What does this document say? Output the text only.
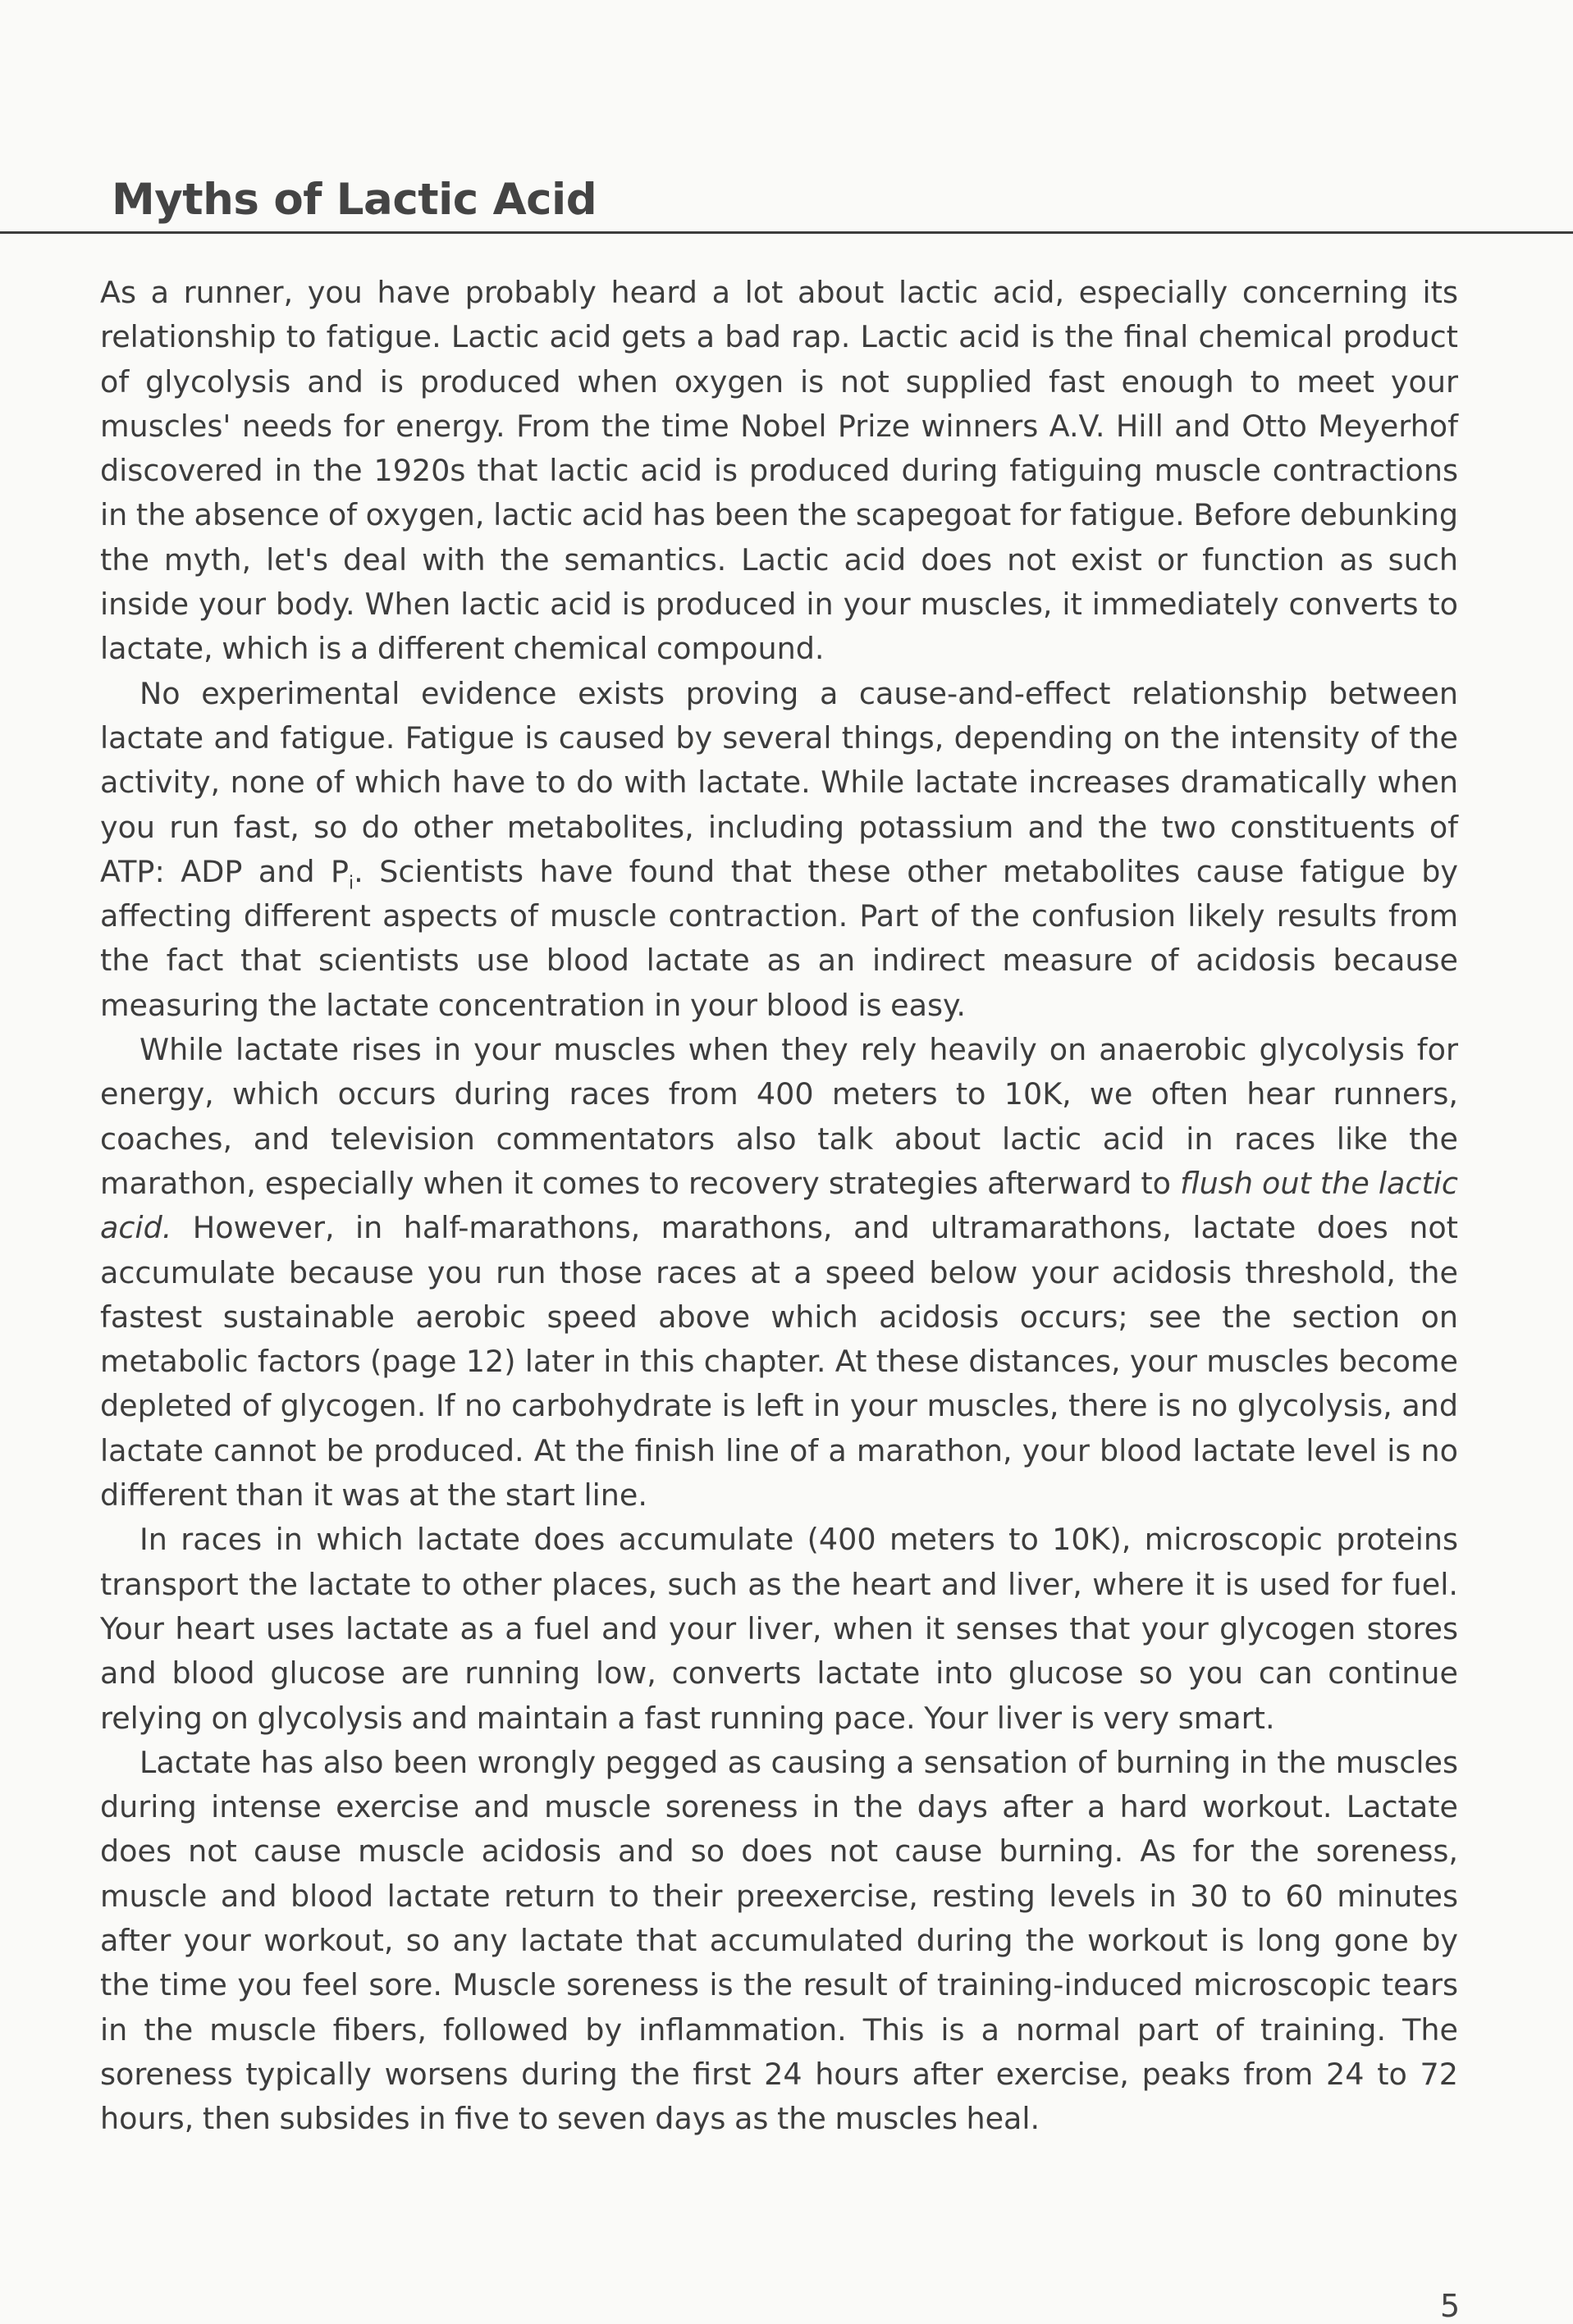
Myths of Lactic Acid

As a runner, you have probably heard a lot about lactic acid, especially concerning its relationship to fatigue. Lactic acid gets a bad rap. Lactic acid is the final chemical product of glycolysis and is produced when oxygen is not supplied fast enough to meet your muscles' needs for energy. From the time Nobel Prize winners A.V. Hill and Otto Meyerhof discovered in the 1920s that lactic acid is produced during fatiguing muscle contractions in the absence of oxygen, lactic acid has been the scapegoat for fatigue. Before debunking the myth, let's deal with the semantics. Lactic acid does not exist or function as such inside your body. When lactic acid is produced in your muscles, it immediately converts to lactate, which is a different chemical compound.

No experimental evidence exists proving a cause-and-effect relationship between lactate and fatigue. Fatigue is caused by several things, depending on the intensity of the activity, none of which have to do with lactate. While lactate increases dramatically when you run fast, so do other metabolites, including potassium and the two constituents of ATP: ADP and $P_i$. Scientists have found that these other metabolites cause fatigue by affecting different aspects of muscle contraction. Part of the confusion likely results from the fact that scientists use blood lactate as an indirect measure of acidosis because measuring the lactate concentration in your blood is easy.

While lactate rises in your muscles when they rely heavily on anaerobic glycolysis for energy, which occurs during races from 400 meters to 10K, we often hear runners, coaches, and television commentators also talk about lactic acid in races like the marathon, especially when it comes to recovery strategies afterward to flush out the lactic acid. However, in half-marathons, marathons, and ultramarathons, lactate does not accumulate because you run those races at a speed below your acidosis threshold, the fastest sustainable aerobic speed above which acidosis occurs; see the section on metabolic factors (page 12) later in this chapter. At these distances, your muscles become depleted of glycogen. If no carbohydrate is left in your muscles, there is no glycolysis, and lactate cannot be produced. At the finish line of a marathon, your blood lactate level is no different than it was at the start line.

In races in which lactate does accumulate (400 meters to 10K), microscopic proteins transport the lactate to other places, such as the heart and liver, where it is used for fuel. Your heart uses lactate as a fuel and your liver, when it senses that your glycogen stores and blood glucose are running low, converts lactate into glucose so you can continue relying on glycolysis and maintain a fast running pace. Your liver is very smart.

Lactate has also been wrongly pegged as causing a sensation of burning in the muscles during intense exercise and muscle soreness in the days after a hard workout. Lactate does not cause muscle acidosis and so does not cause burning. As for the soreness, muscle and blood lactate return to their preexercise, resting levels in 30 to 60 minutes after your workout, so any lactate that accumulated during the workout is long gone by the time you feel sore. Muscle soreness is the result of training-induced microscopic tears in the muscle fibers, followed by inflammation. This is a normal part of training. The soreness typically worsens during the first 24 hours after exercise, peaks from 24 to 72 hours, then subsides in five to seven days as the muscles heal.

5
